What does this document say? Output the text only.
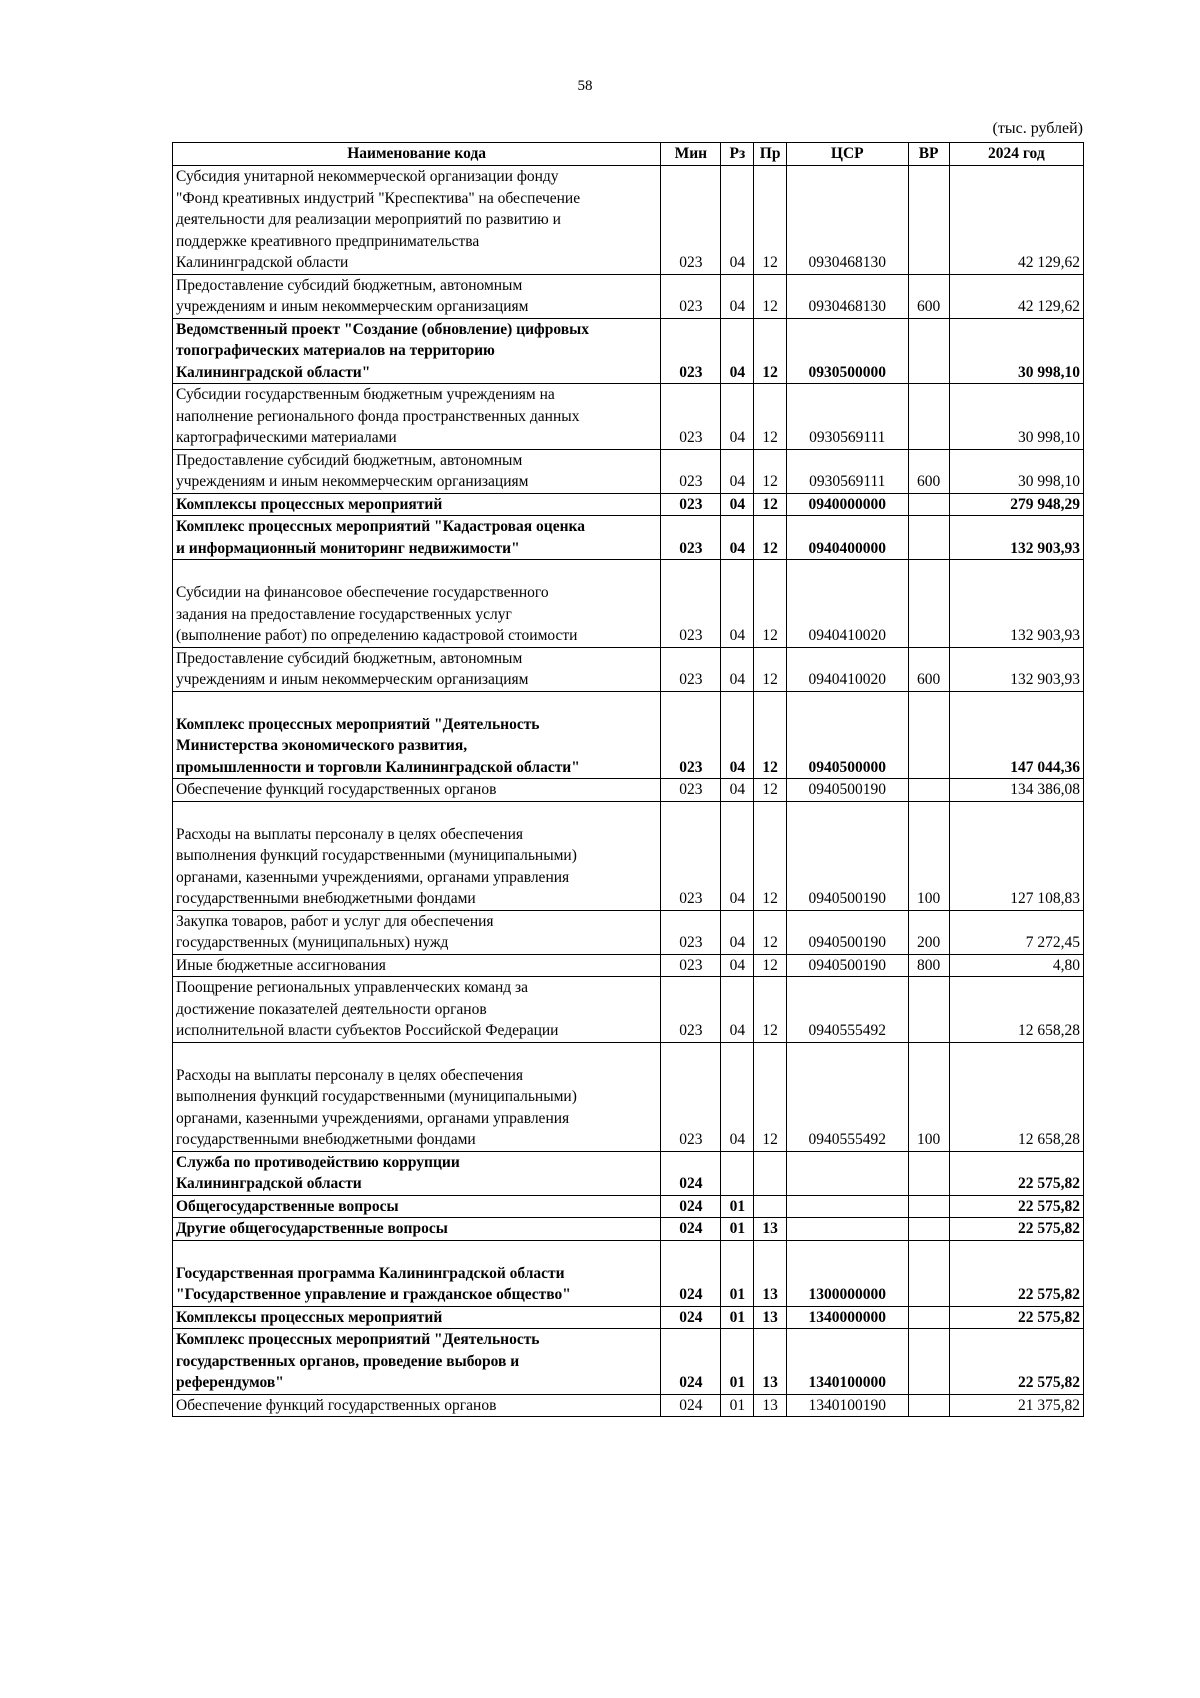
58
(тыс. рублей)
Наименование кода	Мин	Рз	Пр	ЦСР	ВР	2024 год
Субсидия унитарной некоммерческой организации фонду
"Фонд креативных индустрий "Креспектива" на обеспечение
деятельности для реализации мероприятий по развитию и
поддержке креативного предпринимательства
Калининградской области	023	04	12	0930468130		42 129,62
Предоставление субсидий бюджетным, автономным
учреждениям и иным некоммерческим организациям	023	04	12	0930468130	600	42 129,62
Ведомственный проект "Создание (обновление) цифровых
топографических материалов на территорию
Калининградской области"	023	04	12	0930500000		30 998,10
Субсидии государственным бюджетным учреждениям на
наполнение регионального фонда пространственных данных
картографическими материалами	023	04	12	0930569111		30 998,10
Предоставление субсидий бюджетным, автономным
учреждениям и иным некоммерческим организациям	023	04	12	0930569111	600	30 998,10
Комплексы процессных мероприятий	023	04	12	0940000000		279 948,29
Комплекс процессных мероприятий "Кадастровая оценка
и информационный мониторинг недвижимости"	023	04	12	0940400000		132 903,93

Субсидии на финансовое обеспечение государственного
задания на предоставление государственных услуг
(выполнение работ) по определению кадастровой стоимости	023	04	12	0940410020		132 903,93
Предоставление субсидий бюджетным, автономным
учреждениям и иным некоммерческим организациям	023	04	12	0940410020	600	132 903,93

Комплекс процессных мероприятий "Деятельность
Министерства экономического развития,
промышленности и торговли Калининградской области"	023	04	12	0940500000		147 044,36
Обеспечение функций государственных органов	023	04	12	0940500190		134 386,08

Расходы на выплаты персоналу в целях обеспечения
выполнения функций государственными (муниципальными)
органами, казенными учреждениями, органами управления
государственными внебюджетными фондами	023	04	12	0940500190	100	127 108,83
Закупка товаров, работ и услуг для обеспечения
государственных (муниципальных) нужд	023	04	12	0940500190	200	7 272,45
Иные бюджетные ассигнования	023	04	12	0940500190	800	4,80
Поощрение региональных управленческих команд за
достижение показателей деятельности органов
исполнительной власти субъектов Российской Федерации	023	04	12	0940555492		12 658,28

Расходы на выплаты персоналу в целях обеспечения
выполнения функций государственными (муниципальными)
органами, казенными учреждениями, органами управления
государственными внебюджетными фондами	023	04	12	0940555492	100	12 658,28
Служба по противодействию коррупции
Калининградской области	024					22 575,82
Общегосударственные вопросы	024	01				22 575,82
Другие общегосударственные вопросы	024	01	13			22 575,82

Государственная программа Калининградской области
"Государственное управление и гражданское общество"	024	01	13	1300000000		22 575,82
Комплексы процессных мероприятий	024	01	13	1340000000		22 575,82
Комплекс процессных мероприятий "Деятельность
государственных органов, проведение выборов и
референдумов"	024	01	13	1340100000		22 575,82
Обеспечение функций государственных органов	024	01	13	1340100190		21 375,82
